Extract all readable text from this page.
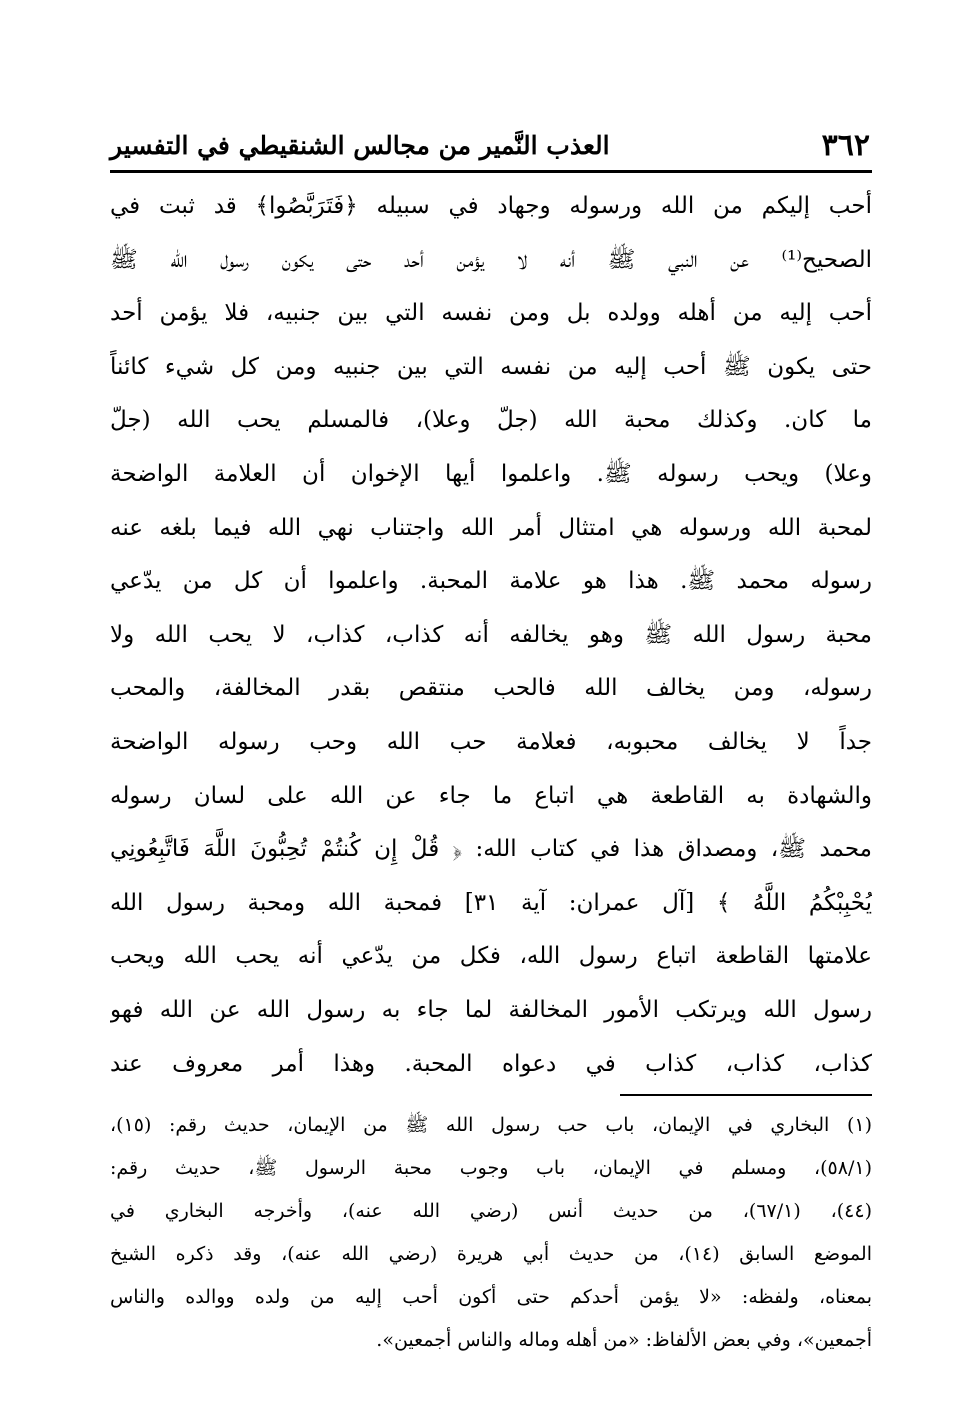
٣٦٢
العذب النَّمير من مجالس الشنقيطي في التفسير
أحب إليكم من الله ورسوله وجهاد في سبيله ﴿فَتَرَبَّصُوا﴾ قد ثبت في
الصحيح⁽¹⁾ عن النبي ﷺ أنه لا يؤمن أحد حتى يكون رسول الله ﷺ
أحب إليه من أهله وولده بل ومن نفسه التي بين جنبيه، فلا يؤمن أحد
حتى يكون ﷺ أحب إليه من نفسه التي بين جنبيه ومن كل شيء كائناً
ما كان. وكذلك محبة الله (جلّ وعلا)، فالمسلم يحب الله (جلّ
وعلا) ويحب رسوله ﷺ. واعلموا أيها الإخوان أن العلامة الواضحة
لمحبة الله ورسوله هي امتثال أمر الله واجتناب نهي الله فيما بلغه عنه
رسوله محمد ﷺ. هذا هو علامة المحبة. واعلموا أن كل من يدّعي
محبة رسول الله ﷺ وهو يخالفه أنه كذاب، كذاب، لا يحب الله ولا
رسوله، ومن يخالف الله فالحب منتقص بقدر المخالفة، والمحب
جداً لا يخالف محبوبه، فعلامة حب الله وحب رسوله الواضحة
والشهادة به القاطعة هي اتباع ما جاء عن الله على لسان رسوله
محمد ﷺ، ومصداق هذا في كتاب الله: ﴿ قُلْ إِن كُنتُمْ تُحِبُّونَ اللَّهَ فَاتَّبِعُونِي
يُحْبِبْكُمُ اللَّهُ ﴾ [آل عمران: آية ٣١] فمحبة الله ومحبة رسول الله
علامتها القاطعة اتباع رسول الله، فكل من يدّعي أنه يحب الله ويحب
رسول الله ويرتكب الأمور المخالفة لما جاء به رسول الله عن الله فهو
كذاب، كذاب، كذاب في دعواه المحبة. وهذا أمر معروف عند
(١) البخاري في الإيمان، باب حب رسول الله ﷺ من الإيمان، حديث رقم: (١٥)،
(٥٨/١)، ومسلم في الإيمان، باب وجوب محبة الرسول ﷺ، حديث رقم:
(٤٤)، (٦٧/١)، من حديث أنس (رضي الله عنه)، وأخرجه البخاري في
الموضع السابق (١٤)، من حديث أبي هريرة (رضي الله عنه)، وقد ذكره الشيخ
بمعناه، ولفظه: «لا يؤمن أحدكم حتى أكون أحب إليه من ولده ووالده والناس
أجمعين»، وفي بعض الألفاظ: «من أهله وماله والناس أجمعين».
